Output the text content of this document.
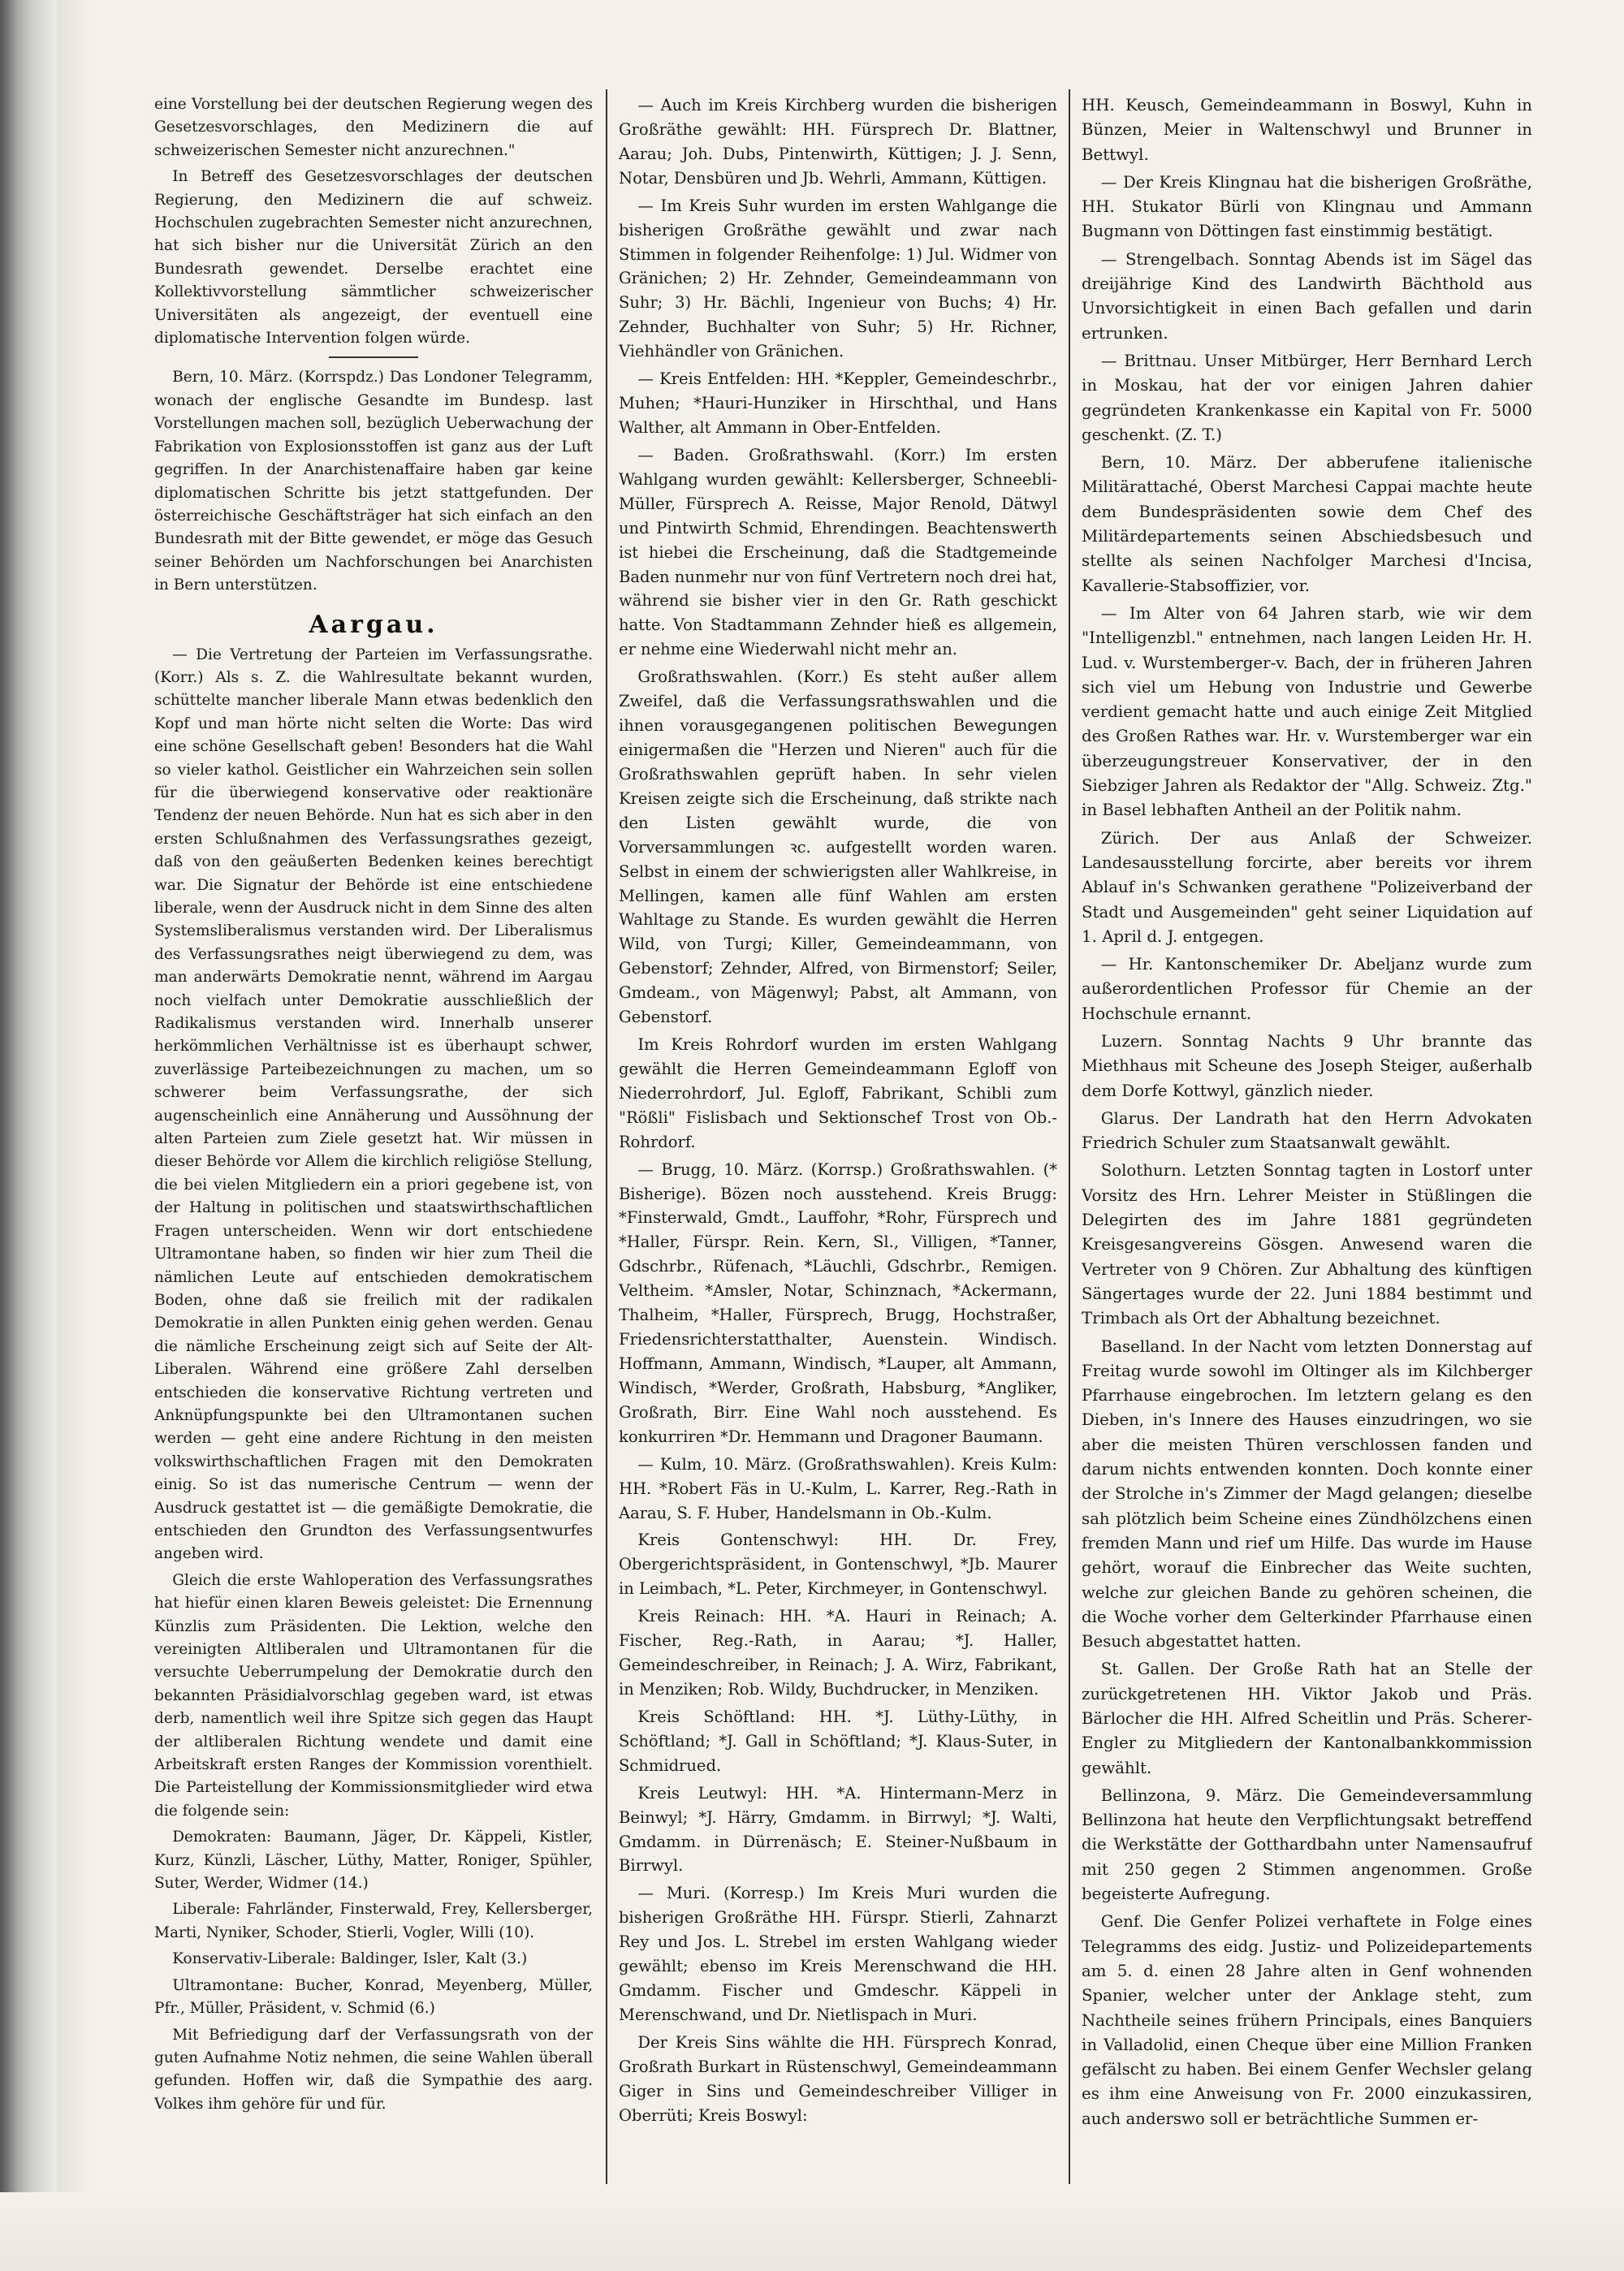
eine Vorstellung bei der deutschen Regierung wegen des Gesetzesvorschlages, den Medizinern die auf schweizerischen Semester nicht anzurechnen."

In Betreff des Gesetzesvorschlages der deutschen Regierung, den Medizinern die auf schweiz. Hochschulen zugebrachten Semester nicht anzurechnen, hat sich bisher nur die Universität Zürich an den Bundesrath gewendet. Derselbe erachtet eine Kollektivvorstellung sämmtlicher schweizerischer Universitäten als angezeigt, der eventuell eine diplomatische Intervention folgen würde.

Bern, 10. März. (Korrspdz.) Das Londoner Telegramm, wonach der englische Gesandte im Bundesp. last Vorstellungen machen soll, bezüglich Ueberwachung der Fabrikation von Explosionsstoffen ist ganz aus der Luft gegriffen. In der Anarchistenaffaire haben gar keine diplomatischen Schritte bis jetzt stattgefunden. Der österreichische Geschäftsträger hat sich einfach an den Bundesrath mit der Bitte gewendet, er möge das Gesuch seiner Behörden um Nachforschungen bei Anarchisten in Bern unterstützen.

Aargau.

— Die Vertretung der Parteien im Verfassungsrathe. (Korr.) Als s. Z. die Wahlresultate bekannt wurden, schüttelte mancher liberale Mann etwas bedenklich den Kopf und man hörte nicht selten die Worte: Das wird eine schöne Gesellschaft geben! Besonders hat die Wahl so vieler kathol. Geistlicher ein Wahrzeichen sein sollen für die überwiegend konservative oder reaktionäre Tendenz der neuen Behörde. Nun hat es sich aber in den ersten Schlußnahmen des Verfassungsrathes gezeigt, daß von den geäußerten Bedenken keines berechtigt war. Die Signatur der Behörde ist eine entschiedene liberale, wenn der Ausdruck nicht in dem Sinne des alten Systemsliberalismus verstanden wird. Der Liberalismus des Verfassungsrathes neigt überwiegend zu dem, was man anderwärts Demokratie nennt, während im Aargau noch vielfach unter Demokratie ausschließlich der Radikalismus verstanden wird. Innerhalb unserer herkömmlichen Verhältnisse ist es überhaupt schwer, zuverlässige Parteibezeichnungen zu machen, um so schwerer beim Verfassungsrathe, der sich augenscheinlich eine Annäherung und Aussöhnung der alten Parteien zum Ziele gesetzt hat. Wir müssen in dieser Behörde vor Allem die kirchlich religiöse Stellung, die bei vielen Mitgliedern ein a priori gegebene ist, von der Haltung in politischen und staatswirthschaftlichen Fragen unterscheiden. Wenn wir dort entschiedene Ultramontane haben, so finden wir hier zum Theil die nämlichen Leute auf entschieden demokratischem Boden, ohne daß sie freilich mit der radikalen Demokratie in allen Punkten einig gehen werden. Genau die nämliche Erscheinung zeigt sich auf Seite der Alt-Liberalen. Während eine größere Zahl derselben entschieden die konservative Richtung vertreten und Anknüpfungspunkte bei den Ultramontanen suchen werden — geht eine andere Richtung in den meisten volkswirthschaftlichen Fragen mit den Demokraten einig. So ist das numerische Centrum — wenn der Ausdruck gestattet ist — die gemäßigte Demokratie, die entschieden den Grundton des Verfassungsentwurfes angeben wird.

Gleich die erste Wahloperation des Verfassungsrathes hat hiefür einen klaren Beweis geleistet: Die Ernennung Künzlis zum Präsidenten. Die Lektion, welche den vereinigten Altliberalen und Ultramontanen für die versuchte Ueberrumpelung der Demokratie durch den bekannten Präsidialvorschlag gegeben ward, ist etwas derb, namentlich weil ihre Spitze sich gegen das Haupt der altliberalen Richtung wendete und damit eine Arbeitskraft ersten Ranges der Kommission vorenthielt. Die Parteistellung der Kommissionsmitglieder wird etwa die folgende sein:

Demokraten: Baumann, Jäger, Dr. Käppeli, Kistler, Kurz, Künzli, Läscher, Lüthy, Matter, Roniger, Spühler, Suter, Werder, Widmer (14.)

Liberale: Fahrländer, Finsterwald, Frey, Kellersberger, Marti, Nyniker, Schoder, Stierli, Vogler, Willi (10).

Konservativ-Liberale: Baldinger, Isler, Kalt (3.)

Ultramontane: Bucher, Konrad, Meyenberg, Müller, Pfr., Müller, Präsident, v. Schmid (6.)

Mit Befriedigung darf der Verfassungsrath von der guten Aufnahme Notiz nehmen, die seine Wahlen überall gefunden. Hoffen wir, daß die Sympathie des aarg. Volkes ihm gehöre für und für.

— Auch im Kreis Kirchberg wurden die bisherigen Großräthe gewählt: HH. Fürsprech Dr. Blattner, Aarau; Joh. Dubs, Pintenwirth, Küttigen; J. J. Senn, Notar, Densbüren und Jb. Wehrli, Ammann, Küttigen.

— Im Kreis Suhr wurden im ersten Wahlgange die bisherigen Großräthe gewählt und zwar nach Stimmen in folgender Reihenfolge: 1) Jul. Widmer von Gränichen; 2) Hr. Zehnder, Gemeindeammann von Suhr; 3) Hr. Bächli, Ingenieur von Buchs; 4) Hr. Zehnder, Buchhalter von Suhr; 5) Hr. Richner, Viehhändler von Gränichen.

— Kreis Entfelden: HH. *Keppler, Gemeindeschrbr., Muhen; *Hauri-Hunziker in Hirschthal, und Hans Walther, alt Ammann in Ober-Entfelden.

— Baden. Großrathswahl. (Korr.) Im ersten Wahlgang wurden gewählt: Kellersberger, Schneebli-Müller, Fürsprech A. Reisse, Major Renold, Dätwyl und Pintwirth Schmid, Ehrendingen. Beachtenswerth ist hiebei die Erscheinung, daß die Stadtgemeinde Baden nunmehr nur von fünf Vertretern noch drei hat, während sie bisher vier in den Gr. Rath geschickt hatte. Von Stadtammann Zehnder hieß es allgemein, er nehme eine Wiederwahl nicht mehr an.

Großrathswahlen. (Korr.) Es steht außer allem Zweifel, daß die Verfassungsrathswahlen und die ihnen vorausgegangenen politischen Bewegungen einigermaßen die "Herzen und Nieren" auch für die Großrathswahlen geprüft haben. In sehr vielen Kreisen zeigte sich die Erscheinung, daß strikte nach den Listen gewählt wurde, die von Vorversammlungen ꝛc. aufgestellt worden waren. Selbst in einem der schwierigsten aller Wahlkreise, in Mellingen, kamen alle fünf Wahlen am ersten Wahltage zu Stande. Es wurden gewählt die Herren Wild, von Turgi; Killer, Gemeindeammann, von Gebenstorf; Zehnder, Alfred, von Birmenstorf; Seiler, Gmdeam., von Mägenwyl; Pabst, alt Ammann, von Gebenstorf.

Im Kreis Rohrdorf wurden im ersten Wahlgang gewählt die Herren Gemeindeammann Egloff von Niederrohrdorf, Jul. Egloff, Fabrikant, Schibli zum "Rößli" Fislisbach und Sektionschef Trost von Ob.-Rohrdorf.

— Brugg, 10. März. (Korrsp.) Großrathswahlen. (* Bisherige). Bözen noch ausstehend. Kreis Brugg: *Finsterwald, Gmdt., Lauffohr, *Rohr, Fürsprech und *Haller, Fürspr. Rein. Kern, Sl., Villigen, *Tanner, Gdschrbr., Rüfenach, *Läuchli, Gdschrbr., Remigen. Veltheim. *Amsler, Notar, Schinznach, *Ackermann, Thalheim, *Haller, Fürsprech, Brugg, Hochstraßer, Friedensrichterstatthalter, Auenstein. Windisch. Hoffmann, Ammann, Windisch, *Lauper, alt Ammann, Windisch, *Werder, Großrath, Habsburg, *Angliker, Großrath, Birr. Eine Wahl noch ausstehend. Es konkurriren *Dr. Hemmann und Dragoner Baumann.

— Kulm, 10. März. (Großrathswahlen). Kreis Kulm: HH. *Robert Fäs in U.-Kulm, L. Karrer, Reg.-Rath in Aarau, S. F. Huber, Handelsmann in Ob.-Kulm.

Kreis Gontenschwyl: HH. Dr. Frey, Obergerichtspräsident, in Gontenschwyl, *Jb. Maurer in Leimbach, *L. Peter, Kirchmeyer, in Gontenschwyl.

Kreis Reinach: HH. *A. Hauri in Reinach; A. Fischer, Reg.-Rath, in Aarau; *J. Haller, Gemeindeschreiber, in Reinach; J. A. Wirz, Fabrikant, in Menziken; Rob. Wildy, Buchdrucker, in Menziken.

Kreis Schöftland: HH. *J. Lüthy-Lüthy, in Schöftland; *J. Gall in Schöftland; *J. Klaus-Suter, in Schmidrued.

Kreis Leutwyl: HH. *A. Hintermann-Merz in Beinwyl; *J. Härry, Gmdamm. in Birrwyl; *J. Walti, Gmdamm. in Dürrenäsch; E. Steiner-Nußbaum in Birrwyl.

— Muri. (Korresp.) Im Kreis Muri wurden die bisherigen Großräthe HH. Fürspr. Stierli, Zahnarzt Rey und Jos. L. Strebel im ersten Wahlgang wieder gewählt; ebenso im Kreis Merenschwand die HH. Gmdamm. Fischer und Gmdeschr. Käppeli in Merenschwand, und Dr. Nietlispach in Muri.

Der Kreis Sins wählte die HH. Fürsprech Konrad, Großrath Burkart in Rüstenschwyl, Gemeindeammann Giger in Sins und Gemeindeschreiber Villiger in Oberrüti; Kreis Boswyl:

HH. Keusch, Gemeindeammann in Boswyl, Kuhn in Bünzen, Meier in Waltenschwyl und Brunner in Bettwyl.

— Der Kreis Klingnau hat die bisherigen Großräthe, HH. Stukator Bürli von Klingnau und Ammann Bugmann von Döttingen fast einstimmig bestätigt.

— Strengelbach. Sonntag Abends ist im Sägel das dreijährige Kind des Landwirth Bächthold aus Unvorsichtigkeit in einen Bach gefallen und darin ertrunken.

— Brittnau. Unser Mitbürger, Herr Bernhard Lerch in Moskau, hat der vor einigen Jahren dahier gegründeten Krankenkasse ein Kapital von Fr. 5000 geschenkt. (Z. T.)

Bern, 10. März. Der abberufene italienische Militärattaché, Oberst Marchesi Cappai machte heute dem Bundespräsidenten sowie dem Chef des Militärdepartements seinen Abschiedsbesuch und stellte als seinen Nachfolger Marchesi d'Incisa, Kavallerie-Stabsoffizier, vor.

— Im Alter von 64 Jahren starb, wie wir dem "Intelligenzbl." entnehmen, nach langen Leiden Hr. H. Lud. v. Wurstemberger-v. Bach, der in früheren Jahren sich viel um Hebung von Industrie und Gewerbe verdient gemacht hatte und auch einige Zeit Mitglied des Großen Rathes war. Hr. v. Wurstemberger war ein überzeugungstreuer Konservativer, der in den Siebziger Jahren als Redaktor der "Allg. Schweiz. Ztg." in Basel lebhaften Antheil an der Politik nahm.

Zürich. Der aus Anlaß der Schweizer. Landesausstellung forcirte, aber bereits vor ihrem Ablauf in's Schwanken gerathene "Polizeiverband der Stadt und Ausgemeinden" geht seiner Liquidation auf 1. April d. J. entgegen.

— Hr. Kantonschemiker Dr. Abeljanz wurde zum außerordentlichen Professor für Chemie an der Hochschule ernannt.

Luzern. Sonntag Nachts 9 Uhr brannte das Miethhaus mit Scheune des Joseph Steiger, außerhalb dem Dorfe Kottwyl, gänzlich nieder.

Glarus. Der Landrath hat den Herrn Advokaten Friedrich Schuler zum Staatsanwalt gewählt.

Solothurn. Letzten Sonntag tagten in Lostorf unter Vorsitz des Hrn. Lehrer Meister in Stüßlingen die Delegirten des im Jahre 1881 gegründeten Kreisgesangvereins Gösgen. Anwesend waren die Vertreter von 9 Chören. Zur Abhaltung des künftigen Sängertages wurde der 22. Juni 1884 bestimmt und Trimbach als Ort der Abhaltung bezeichnet.

Baselland. In der Nacht vom letzten Donnerstag auf Freitag wurde sowohl im Oltinger als im Kilchberger Pfarrhause eingebrochen. Im letztern gelang es den Dieben, in's Innere des Hauses einzudringen, wo sie aber die meisten Thüren verschlossen fanden und darum nichts entwenden konnten. Doch konnte einer der Strolche in's Zimmer der Magd gelangen; dieselbe sah plötzlich beim Scheine eines Zündhölzchens einen fremden Mann und rief um Hilfe. Das wurde im Hause gehört, worauf die Einbrecher das Weite suchten, welche zur gleichen Bande zu gehören scheinen, die die Woche vorher dem Gelterkinder Pfarrhause einen Besuch abgestattet hatten.

St. Gallen. Der Große Rath hat an Stelle der zurückgetretenen HH. Viktor Jakob und Präs. Bärlocher die HH. Alfred Scheitlin und Präs. Scherer-Engler zu Mitgliedern der Kantonalbankkommission gewählt.

Bellinzona, 9. März. Die Gemeindeversammlung Bellinzona hat heute den Verpflichtungsakt betreffend die Werkstätte der Gotthardbahn unter Namensaufruf mit 250 gegen 2 Stimmen angenommen. Große begeisterte Aufregung.

Genf. Die Genfer Polizei verhaftete in Folge eines Telegramms des eidg. Justiz- und Polizeidepartements am 5. d. einen 28 Jahre alten in Genf wohnenden Spanier, welcher unter der Anklage steht, zum Nachtheile seines frühern Principals, eines Banquiers in Valladolid, einen Cheque über eine Million Franken gefälscht zu haben. Bei einem Genfer Wechsler gelang es ihm eine Anweisung von Fr. 2000 einzukassiren, auch anderswo soll er beträchtliche Summen er-
